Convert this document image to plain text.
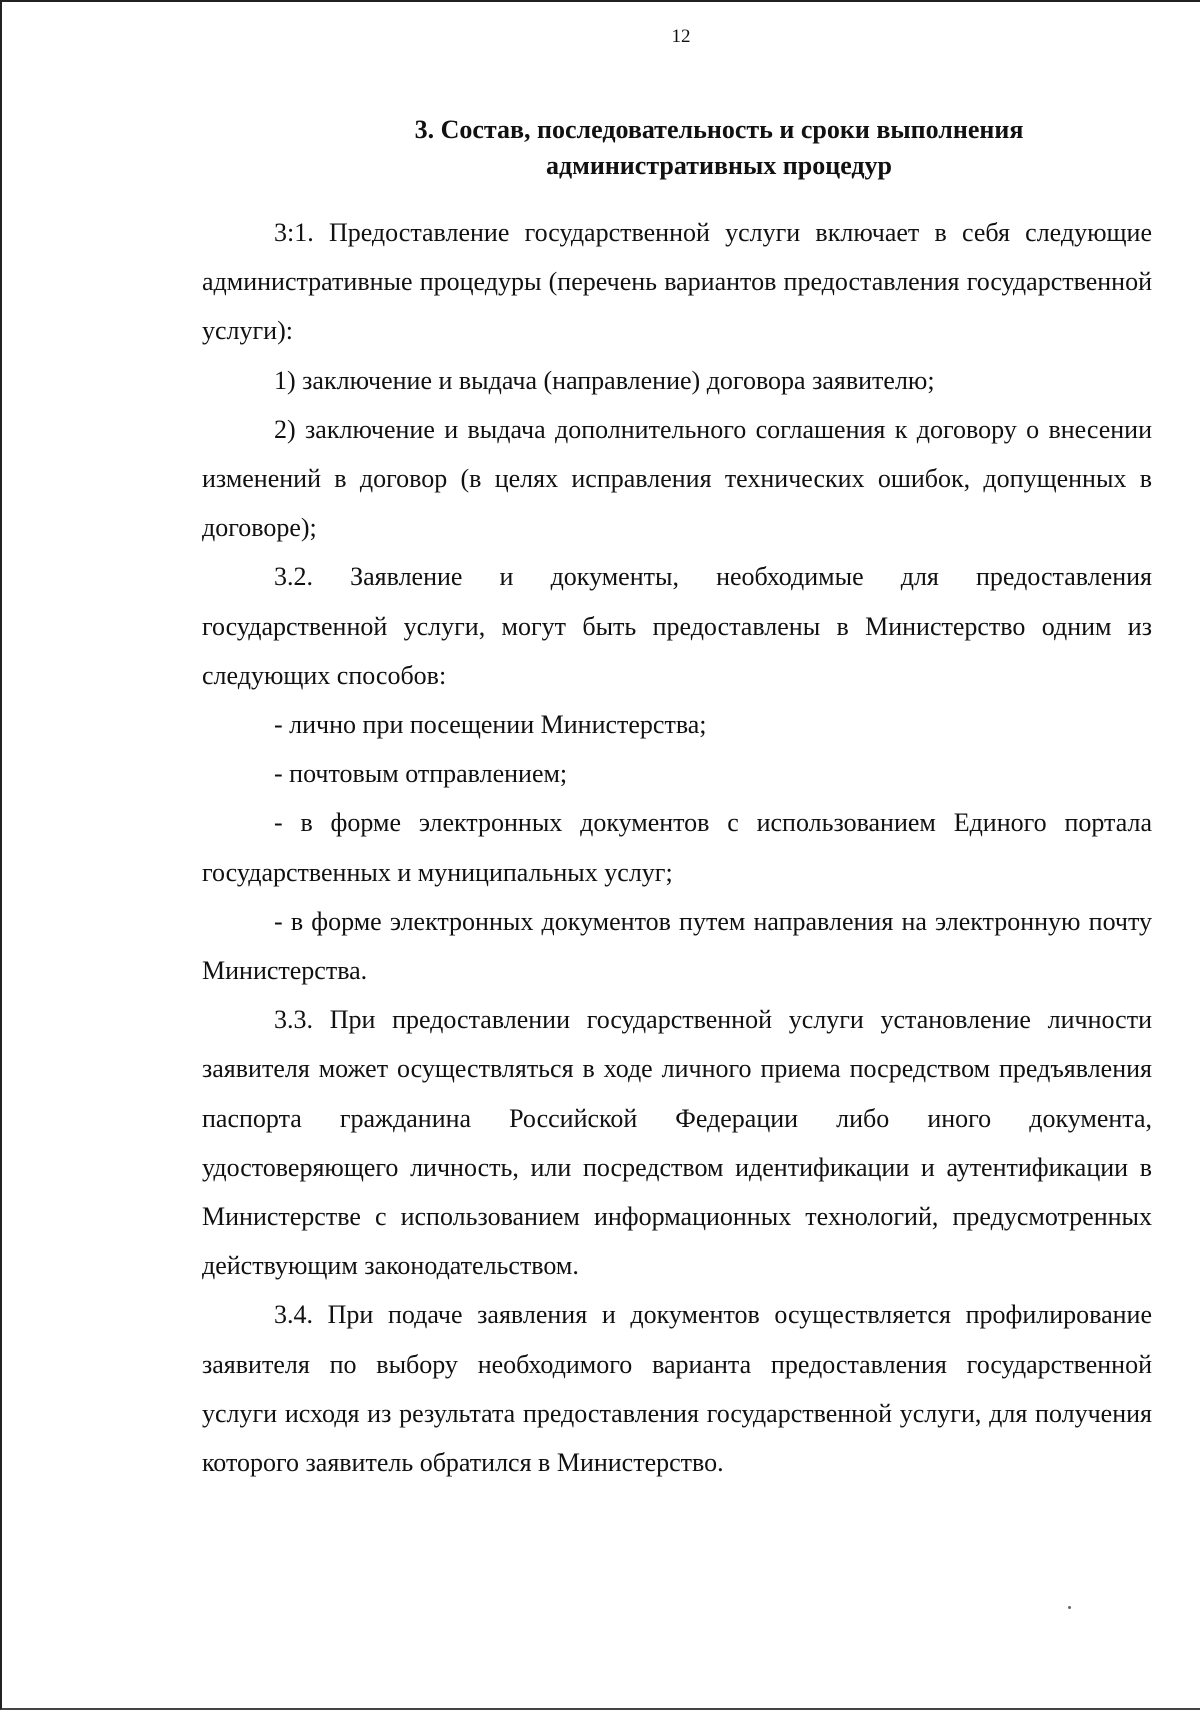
12
3. Состав, последовательность и сроки выполнения
административных процедур

3:1. Предоставление государственной услуги включает в себя следующие административные процедуры (перечень вариантов предоставления государственной услуги):

1) заключение и выдача (направление) договора заявителю;

2) заключение и выдача дополнительного соглашения к договору о внесении изменений в договор (в целях исправления технических ошибок, допущенных в договоре);

3.2. Заявление и документы, необходимые для предоставления государственной услуги, могут быть предоставлены в Министерство одним из следующих способов:

- лично при посещении Министерства;

- почтовым отправлением;

- в форме электронных документов с использованием Единого портала государственных и муниципальных услуг;

- в форме электронных документов путем направления на электронную почту Министерства.

3.3. При предоставлении государственной услуги установление личности заявителя может осуществляться в ходе личного приема посредством предъявления паспорта гражданина Российской Федерации либо иного документа, удостоверяющего личность, или посредством идентификации и аутентификации в Министерстве с использованием информационных технологий, предусмотренных действующим законодательством.

3.4. При подаче заявления и документов осуществляется профилирование заявителя по выбору необходимого варианта предоставления государственной услуги исходя из результата предоставления государственной услуги, для получения которого заявитель обратился в Министерство.
